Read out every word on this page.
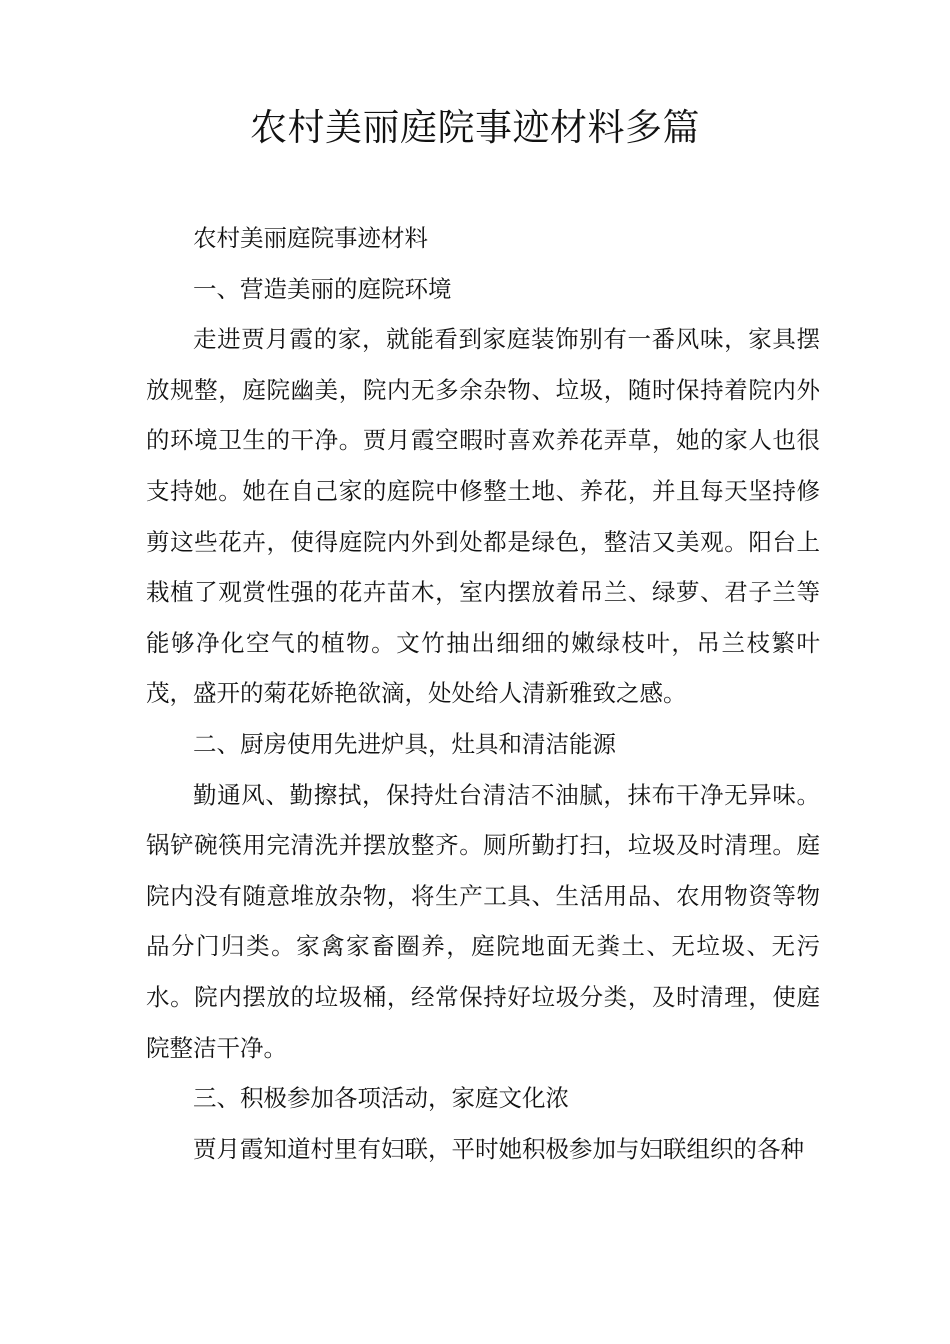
农村美丽庭院事迹材料多篇

农村美丽庭院事迹材料

一、营造美丽的庭院环境

走进贾月霞的家，就能看到家庭装饰别有一番风味，家具摆放规整，庭院幽美，院内无多余杂物、垃圾，随时保持着院内外的环境卫生的干净。贾月霞空暇时喜欢养花弄草，她的家人也很支持她。她在自己家的庭院中修整土地、养花，并且每天坚持修剪这些花卉，使得庭院内外到处都是绿色，整洁又美观。阳台上栽植了观赏性强的花卉苗木，室内摆放着吊兰、绿萝、君子兰等能够净化空气的植物。文竹抽出细细的嫩绿枝叶，吊兰枝繁叶茂，盛开的菊花娇艳欲滴，处处给人清新雅致之感。

二、厨房使用先进炉具，灶具和清洁能源

勤通风、勤擦拭，保持灶台清洁不油腻，抹布干净无异味。锅铲碗筷用完清洗并摆放整齐。厕所勤打扫，垃圾及时清理。庭院内没有随意堆放杂物，将生产工具、生活用品、农用物资等物品分门归类。家禽家畜圈养，庭院地面无粪土、无垃圾、无污水。院内摆放的垃圾桶，经常保持好垃圾分类，及时清理，使庭院整洁干净。

三、积极参加各项活动，家庭文化浓

贾月霞知道村里有妇联，平时她积极参加与妇联组织的各种
